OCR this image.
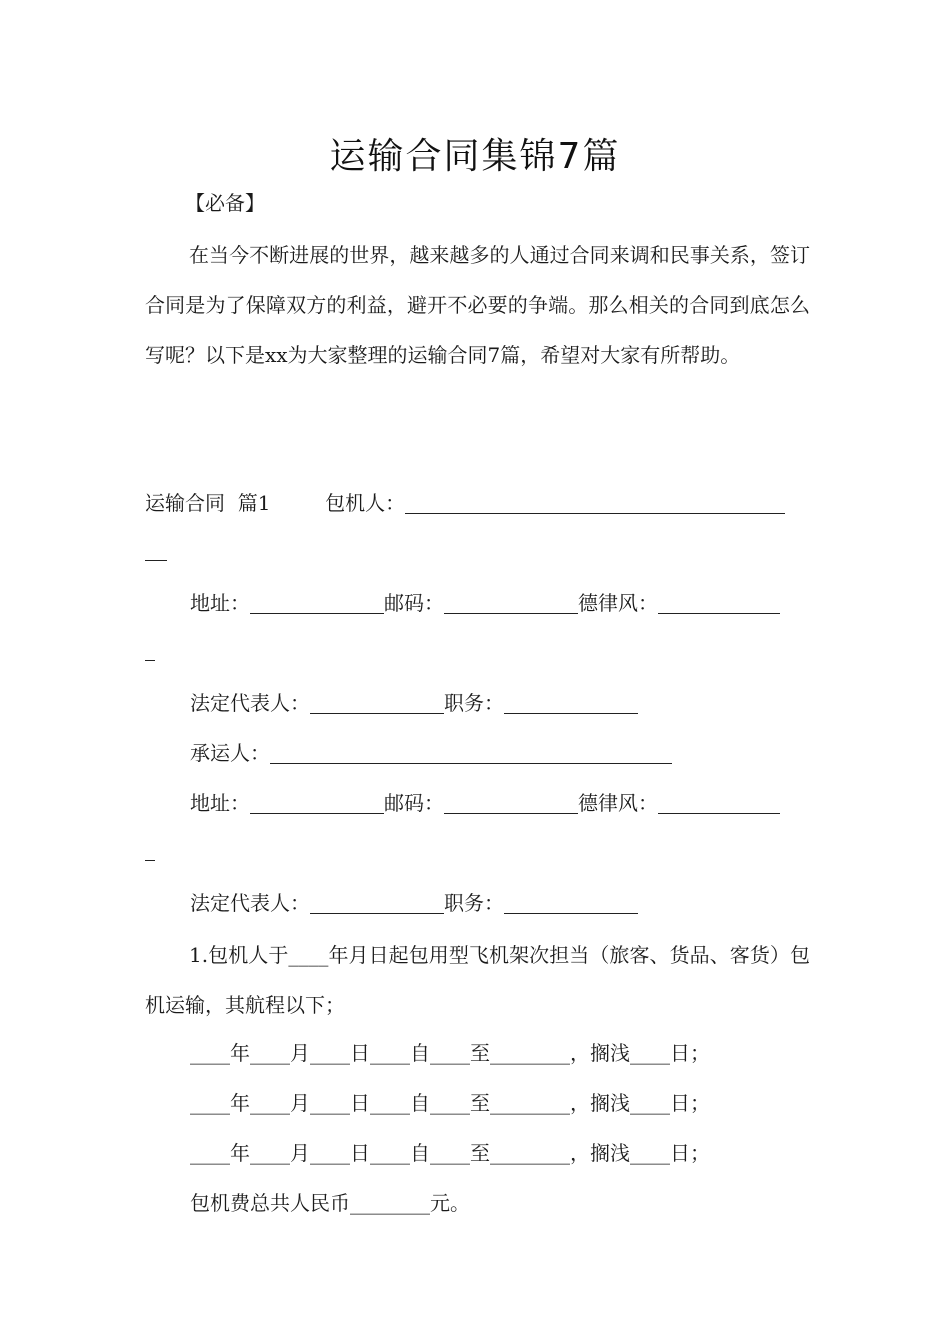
运输合同集锦7篇
【必备】
在当今不断进展的世界，越来越多的人通过合同来调和民事关系，签订合同是为了保障双方的利益，避开不必要的争端。那么相关的合同到底怎么写呢？以下是xx为大家整理的运输合同7篇，希望对大家有所帮助。
运输合同  篇1	包机人：
地址：	邮码：	德律风：
法定代表人：	职务：
承运人：
地址：	邮码：	德律风：
法定代表人：	职务：
1.包机人于____年月日起包用型飞机架次担当（旅客、货品、客货）包机运输，其航程以下；
____年____月____日____自____至________，搁浅____日；
____年____月____日____自____至________，搁浅____日；
____年____月____日____自____至________，搁浅____日；
包机费总共人民币________元。
